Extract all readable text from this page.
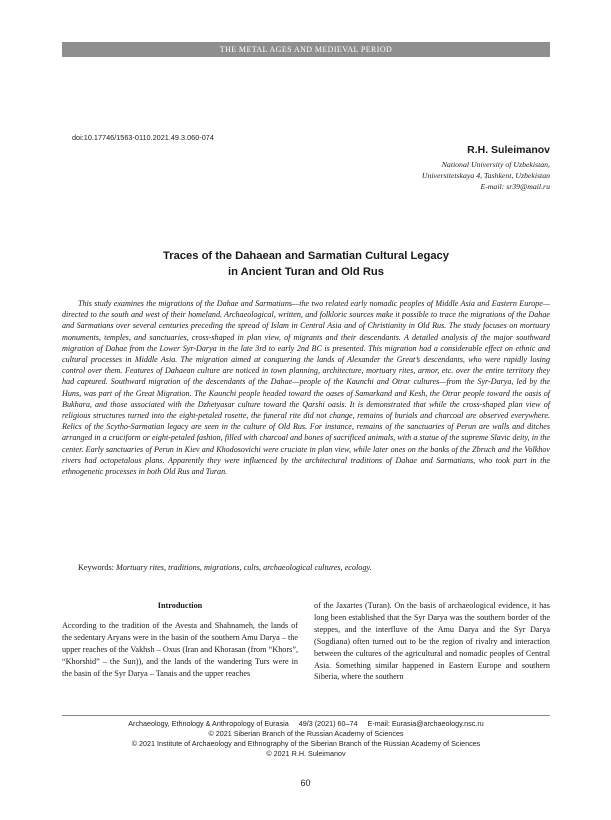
THE METAL AGES AND MEDIEVAL PERIOD
doi:10.17746/1563-0110.2021.49.3.060-074
R.H. Suleimanov
National University of Uzbekistan,
Universitetskaya 4, Tashkent, Uzbekistan
E-mail: sr39@mail.ru
Traces of the Dahaean and Sarmatian Cultural Legacy
in Ancient Turan and Old Rus

This study examines the migrations of the Dahae and Sarmatians—the two related early nomadic peoples of Middle Asia and Eastern Europe—directed to the south and west of their homeland. Archaeological, written, and folkloric sources make it possible to trace the migrations of the Dahae and Sarmatians over several centuries preceding the spread of Islam in Central Asia and of Christianity in Old Rus. The study focuses on mortuary monuments, temples, and sanctuaries, cross-shaped in plan view, of migrants and their descendants. A detailed analysis of the major southward migration of Dahae from the Lower Syr-Darya in the late 3rd to early 2nd BC is presented. This migration had a considerable effect on ethnic and cultural processes in Middle Asia. The migration aimed at conquering the lands of Alexander the Great’s descendants, who were rapidly losing control over them. Features of Dahaean culture are noticed in town planning, architecture, mortuary rites, armor, etc. over the entire territory they had captured. Southward migration of the descendants of the Dahae—people of the Kaunchi and Otrar cultures—from the Syr-Darya, led by the Huns, was part of the Great Migration. The Kaunchi people headed toward the oases of Samarkand and Kesh, the Otrar people toward the oasis of Bukhara, and those associated with the Dzhetyasar culture toward the Qarshi oasis. It is demonstrated that while the cross-shaped plan view of religious structures turned into the eight-petaled rosette, the funeral rite did not change, remains of burials and charcoal are observed everywhere. Relics of the Scytho-Sarmatian legacy are seen in the culture of Old Rus. For instance, remains of the sanctuaries of Perun are walls and ditches arranged in a cruciform or eight-petaled fashion, filled with charcoal and bones of sacrificed animals, with a statue of the supreme Slavic deity, in the center. Early sanctuaries of Perun in Kiev and Khodosovichi were cruciate in plan view, while later ones on the banks of the Zbruch and the Volkhov rivers had octopetalous plans. Apparently they were influenced by the architectural traditions of Dahae and Sarmatians, who took part in the ethnogenetic processes in both Old Rus and Turan.

Keywords: Mortuary rites, traditions, migrations, cults, archaeological cultures, ecology.
Introduction

According to the tradition of the Avesta and Shahnameh, the lands of the sedentary Aryans were in the basin of the southern Amu Darya – the upper reaches of the Vakhsh – Oxus (Iran and Khorasan (from “Khors”, “Khorshid” – the Sun)), and the lands of the wandering Turs were in the basin of the Syr Darya – Tanais and the upper reaches

of the Jaxartes (Turan). On the basis of archaeological evidence, it has long been established that the Syr Darya was the southern border of the steppes, and the interfluve of the Amu Darya and the Syr Darya (Sogdiana) often turned out to be the region of rivalry and interaction between the cultures of the agricultural and nomadic peoples of Central Asia. Something similar happened in Eastern Europe and southern Siberia, where the southern

Archaeology, Ethnology & Anthropology of Eurasia 49/3 (2021) 60–74 E-mail: Eurasia@archaeology.nsc.ru
© 2021 Siberian Branch of the Russian Academy of Sciences
© 2021 Institute of Archaeology and Ethnography of the Siberian Branch of the Russian Academy of Sciences
© 2021 R.H. Suleimanov
60
